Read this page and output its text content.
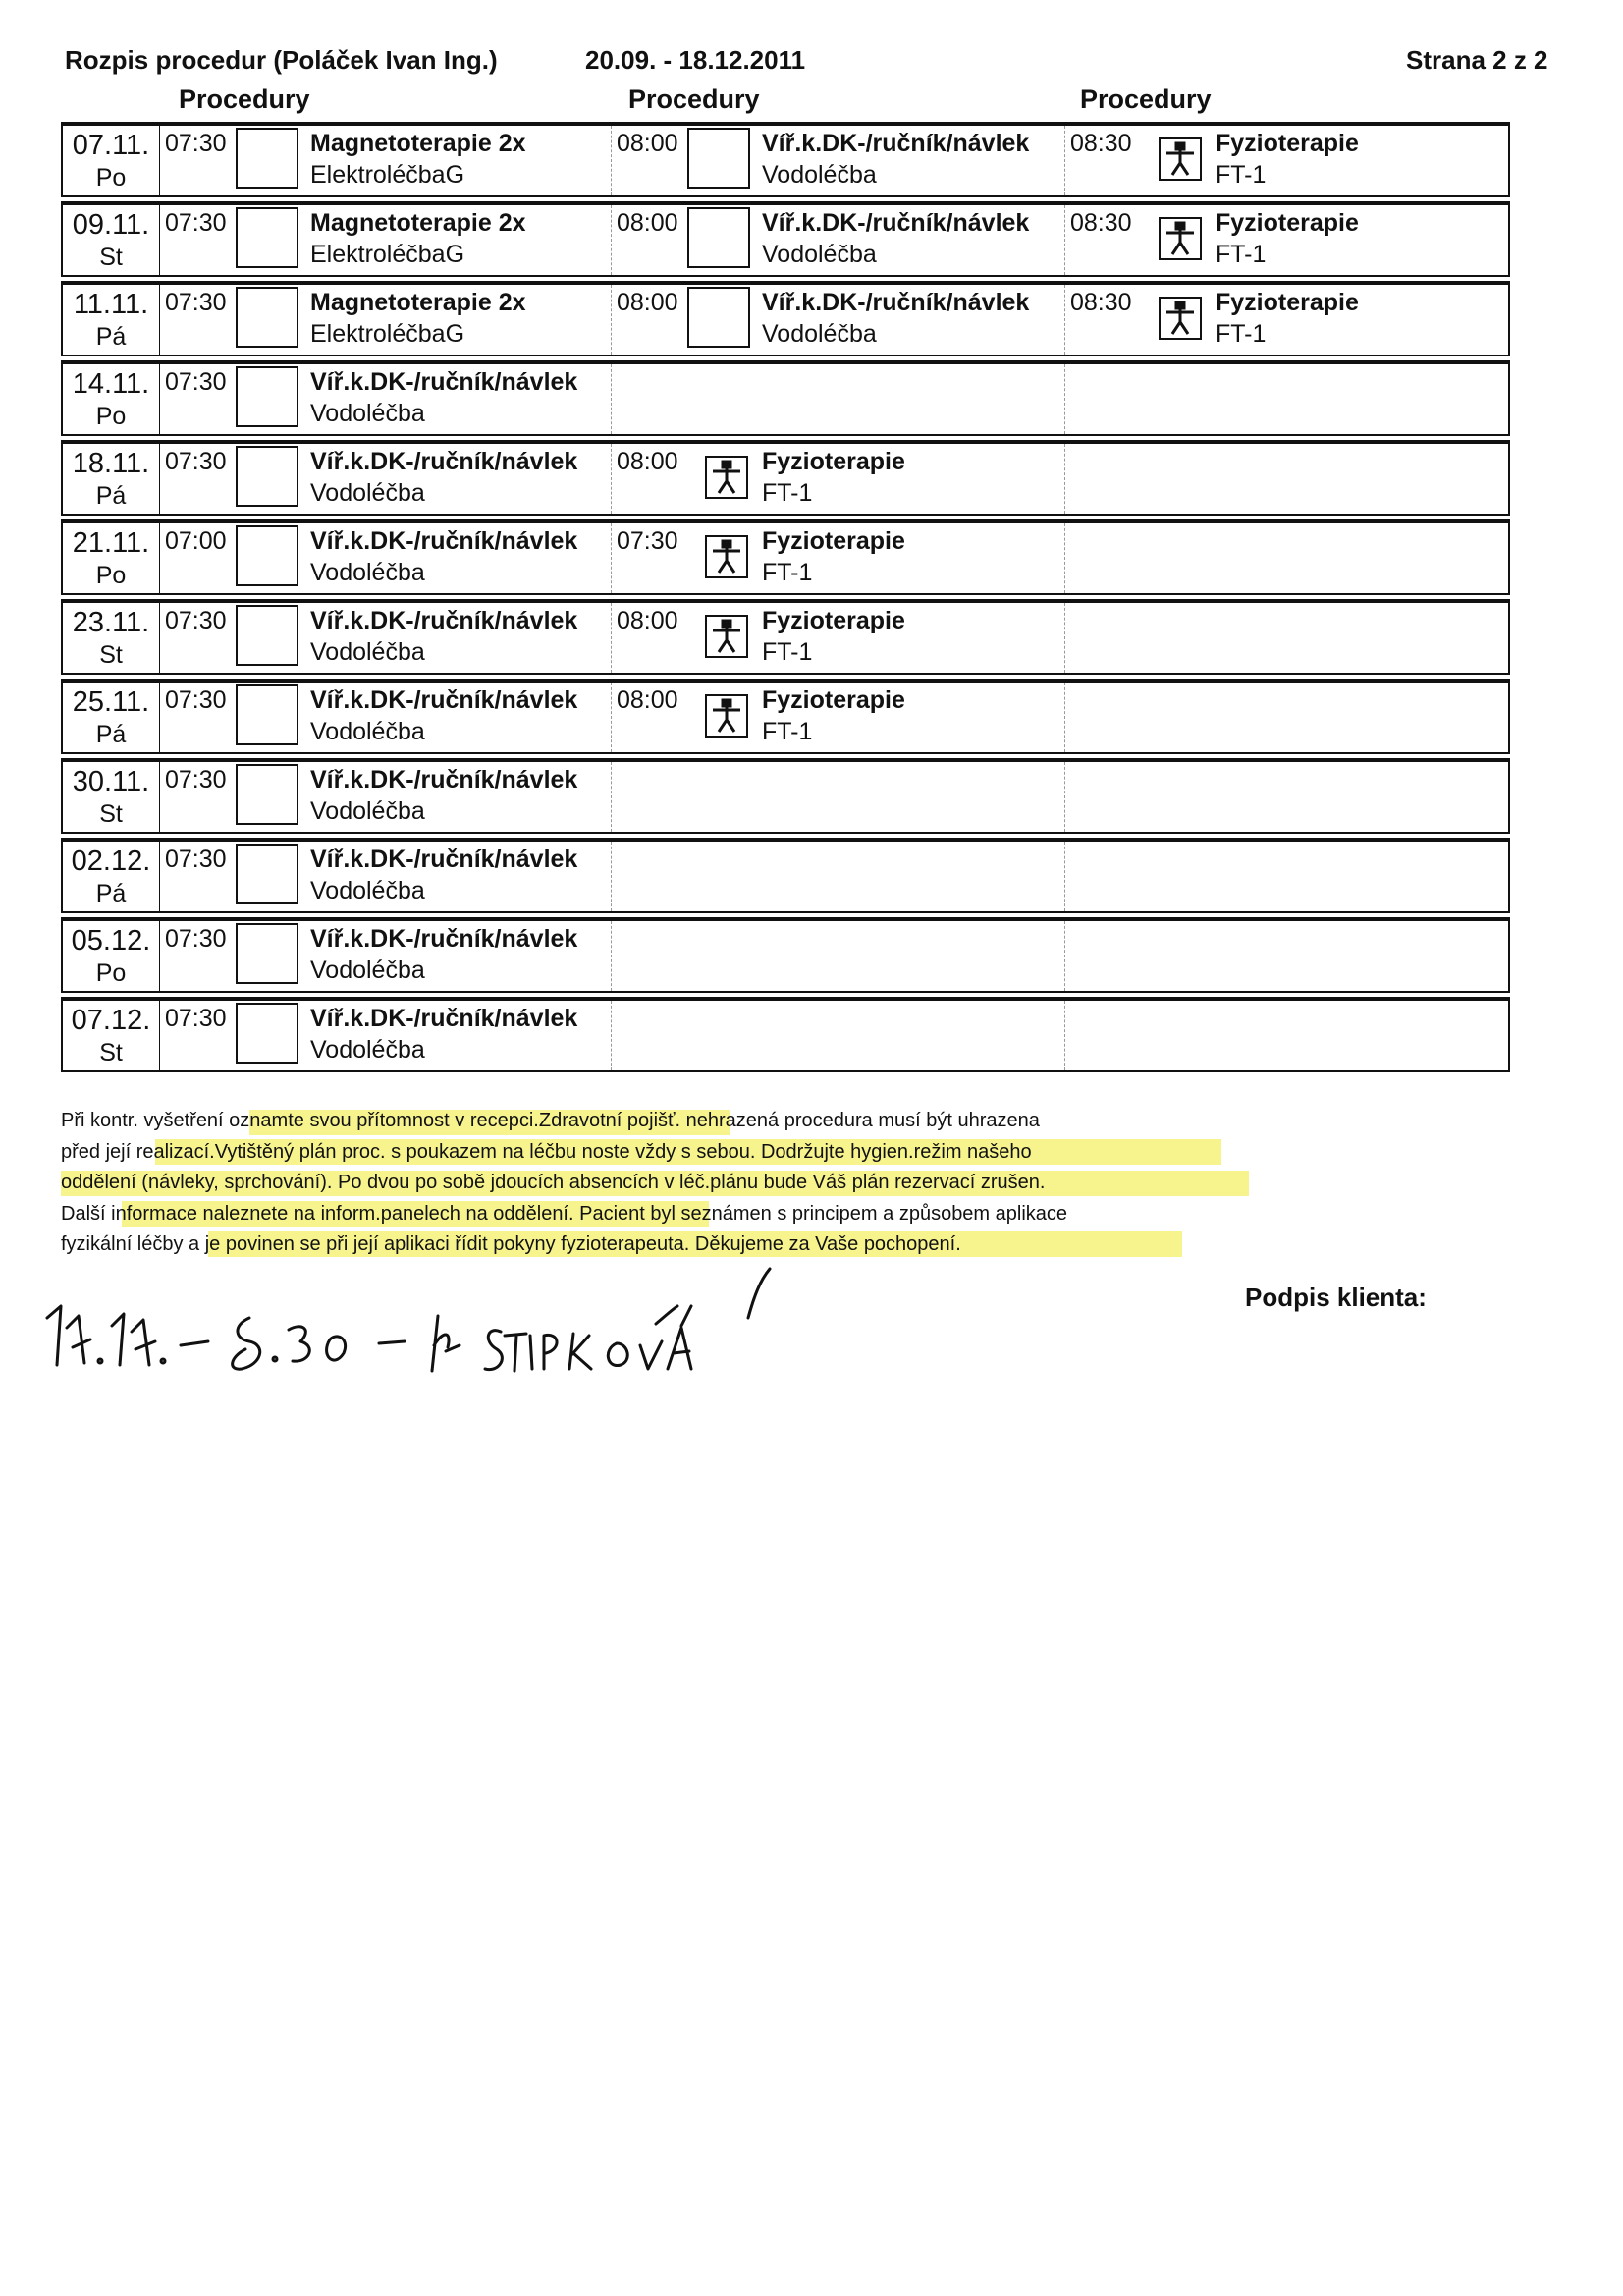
Rozpis procedur (Poláček Ivan Ing.)	20.09. - 18.12.2011	Strana 2 z 2
Procedury	Procedury	Procedury
07.11.
Po
07:30	Magnetoterapie 2x
ElektroléčbaG
08:00	Víř.k.DK-/ručník/návlek
Vodoléčba
08:30	Fyzioterapie
FT-1
09.11.
St
07:30	Magnetoterapie 2x
ElektroléčbaG
08:00	Víř.k.DK-/ručník/návlek
Vodoléčba
08:30	Fyzioterapie
FT-1
11.11.
Pá
07:30	Magnetoterapie 2x
ElektroléčbaG
08:00	Víř.k.DK-/ručník/návlek
Vodoléčba
08:30	Fyzioterapie
FT-1
14.11.
Po
07:30	Víř.k.DK-/ručník/návlek
Vodoléčba
18.11.
Pá
07:30	Víř.k.DK-/ručník/návlek
Vodoléčba
08:00	Fyzioterapie
FT-1
21.11.
Po
07:00	Víř.k.DK-/ručník/návlek
Vodoléčba
07:30	Fyzioterapie
FT-1
23.11.
St
07:30	Víř.k.DK-/ručník/návlek
Vodoléčba
08:00	Fyzioterapie
FT-1
25.11.
Pá
07:30	Víř.k.DK-/ručník/návlek
Vodoléčba
08:00	Fyzioterapie
FT-1
30.11.
St
07:30	Víř.k.DK-/ručník/návlek
Vodoléčba
02.12.
Pá
07:30	Víř.k.DK-/ručník/návlek
Vodoléčba
05.12.
Po
07:30	Víř.k.DK-/ručník/návlek
Vodoléčba
07.12.
St
07:30	Víř.k.DK-/ručník/návlek
Vodoléčba
Při kontr. vyšetření oznamte svou přítomnost v recepci.Zdravotní pojišť. nehrazená procedura musí být uhrazena
před její realizací.Vytištěný plán proc. s poukazem na léčbu noste vždy s sebou. Dodržujte hygien.režim našeho
oddělení (návleky, sprchování). Po dvou po sobě jdoucích absencích v léč.plánu bude Váš plán rezervací zrušen.
Další informace naleznete na inform.panelech na oddělení. Pacient byl seznámen s principem a způsobem aplikace
fyzikální léčby a je povinen se při její aplikaci řídit pokyny fyzioterapeuta. Děkujeme za Vaše pochopení.
Podpis klienta:
